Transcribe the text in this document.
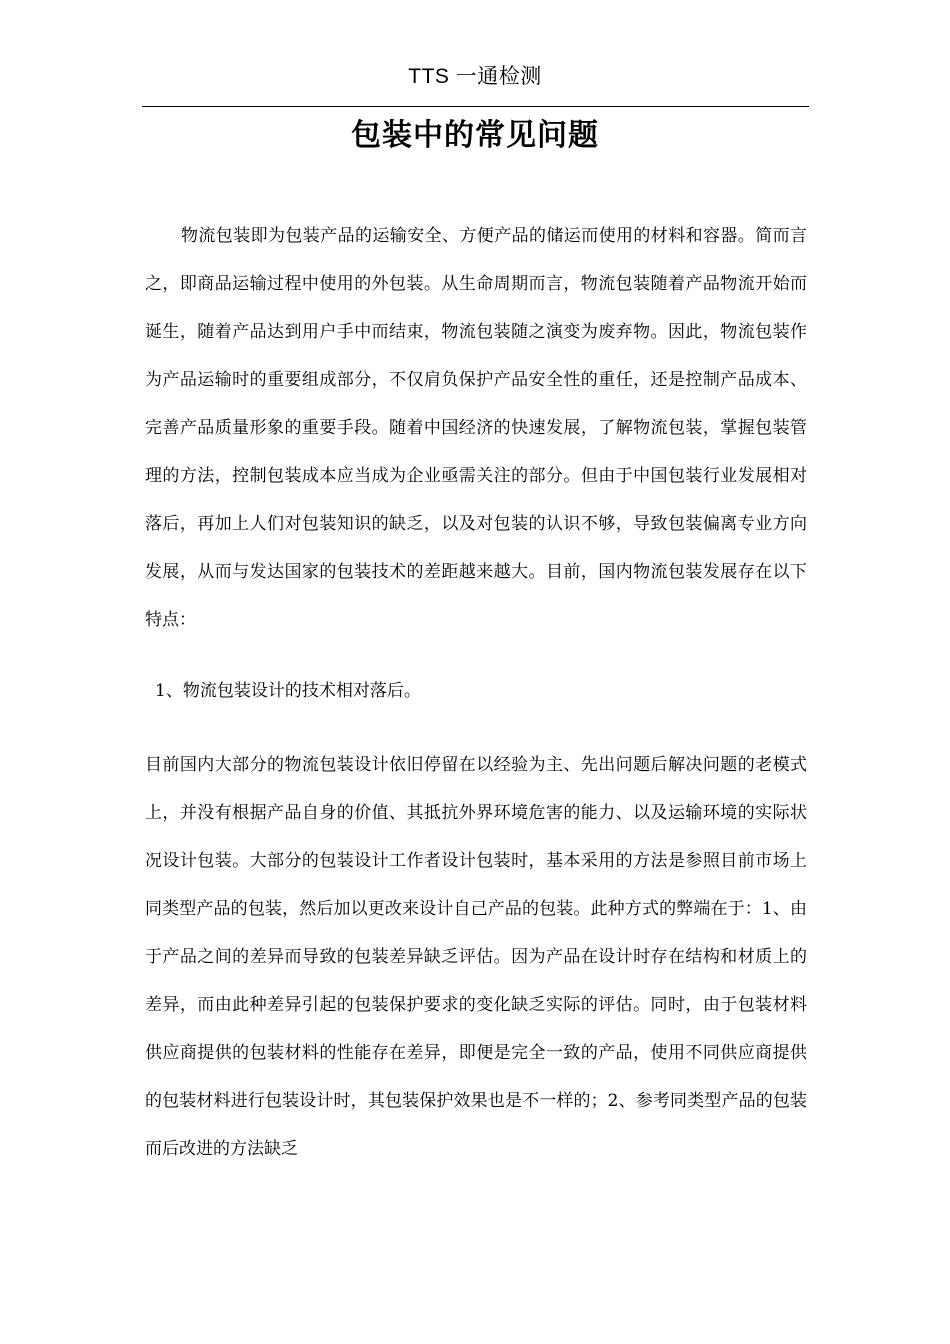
TTS 一通检测
包装中的常见问题

物流包装即为包装产品的运输安全、方便产品的储运而使用的材料和容器。简而言之，即商品运输过程中使用的外包装。从生命周期而言，物流包装随着产品物流开始而诞生，随着产品达到用户手中而结束，物流包装随之演变为废弃物。因此，物流包装作为产品运输时的重要组成部分，不仅肩负保护产品安全性的重任，还是控制产品成本、完善产品质量形象的重要手段。随着中国经济的快速发展，了解物流包装，掌握包装管理的方法，控制包装成本应当成为企业亟需关注的部分。但由于中国包装行业发展相对落后，再加上人们对包装知识的缺乏，以及对包装的认识不够，导致包装偏离专业方向发展，从而与发达国家的包装技术的差距越来越大。目前，国内物流包装发展存在以下特点：

1、物流包装设计的技术相对落后。

目前国内大部分的物流包装设计依旧停留在以经验为主、先出问题后解决问题的老模式上，并没有根据产品自身的价值、其抵抗外界环境危害的能力、以及运输环境的实际状况设计包装。大部分的包装设计工作者设计包装时，基本采用的方法是参照目前市场上同类型产品的包装，然后加以更改来设计自己产品的包装。此种方式的弊端在于：1、由于产品之间的差异而导致的包装差异缺乏评估。因为产品在设计时存在结构和材质上的差异，而由此种差异引起的包装保护要求的变化缺乏实际的评估。同时，由于包装材料供应商提供的包装材料的性能存在差异，即便是完全一致的产品，使用不同供应商提供的包装材料进行包装设计时，其包装保护效果也是不一样的；2、参考同类型产品的包装而后改进的方法缺乏
